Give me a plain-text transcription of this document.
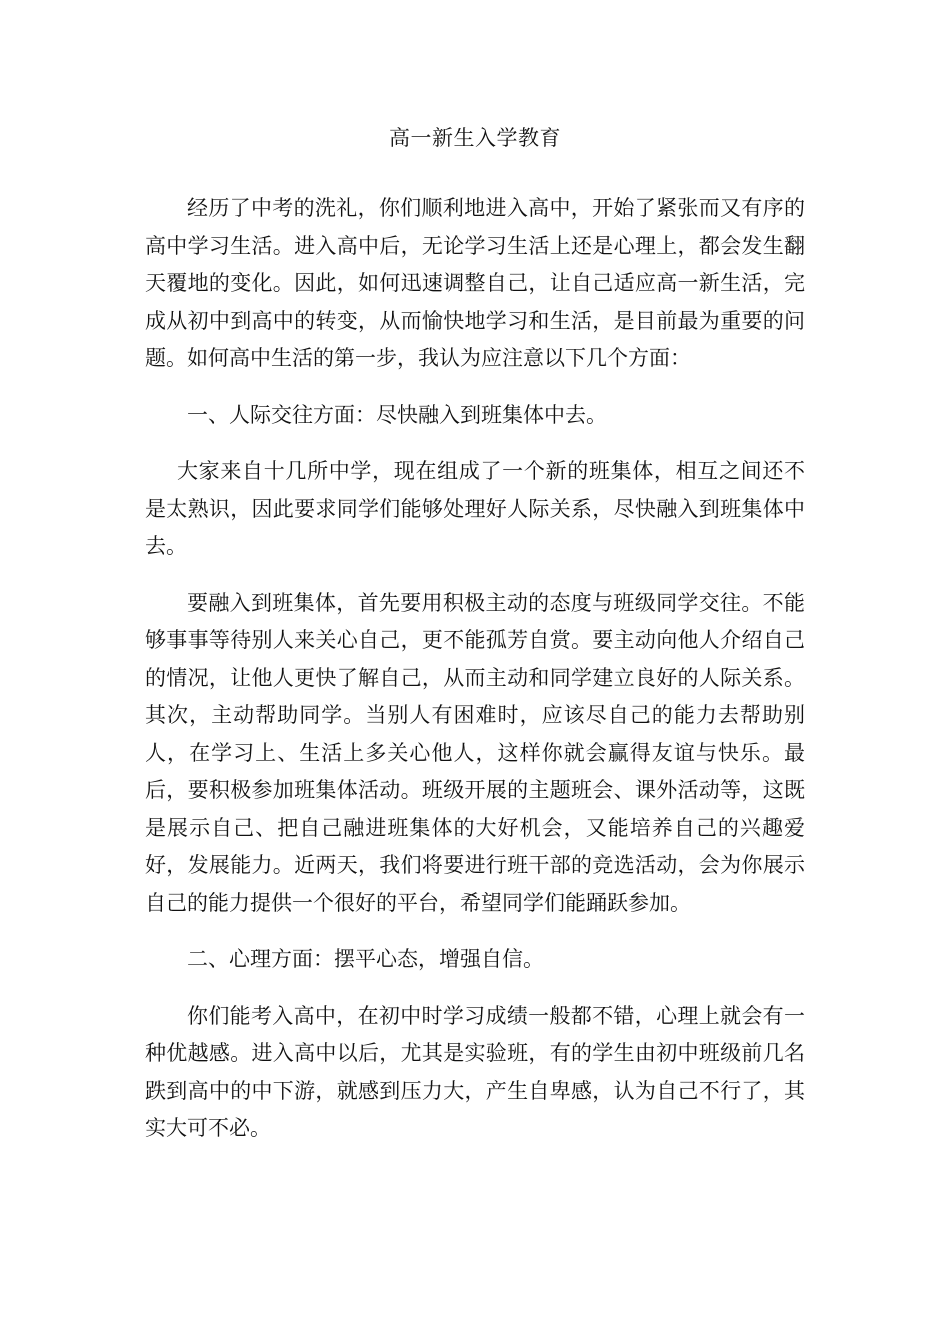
高一新生入学教育

经历了中考的洗礼，你们顺利地进入高中，开始了紧张而又有序的高中学习生活。进入高中后，无论学习生活上还是心理上，都会发生翻天覆地的变化。因此，如何迅速调整自己，让自己适应高一新生活，完成从初中到高中的转变，从而愉快地学习和生活，是目前最为重要的问题。如何高中生活的第一步，我认为应注意以下几个方面：

一、人际交往方面：尽快融入到班集体中去。

大家来自十几所中学，现在组成了一个新的班集体，相互之间还不是太熟识，因此要求同学们能够处理好人际关系，尽快融入到班集体中去。

要融入到班集体，首先要用积极主动的态度与班级同学交往。不能够事事等待别人来关心自己，更不能孤芳自赏。要主动向他人介绍自己的情况，让他人更快了解自己，从而主动和同学建立良好的人际关系。其次，主动帮助同学。当别人有困难时，应该尽自己的能力去帮助别人，在学习上、生活上多关心他人，这样你就会赢得友谊与快乐。最后，要积极参加班集体活动。班级开展的主题班会、课外活动等，这既是展示自己、把自己融进班集体的大好机会，又能培养自己的兴趣爱好，发展能力。近两天，我们将要进行班干部的竞选活动，会为你展示自己的能力提供一个很好的平台，希望同学们能踊跃参加。

二、心理方面：摆平心态，增强自信。

你们能考入高中，在初中时学习成绩一般都不错，心理上就会有一种优越感。进入高中以后，尤其是实验班，有的学生由初中班级前几名跌到高中的中下游，就感到压力大，产生自卑感，认为自己不行了，其实大可不必。
